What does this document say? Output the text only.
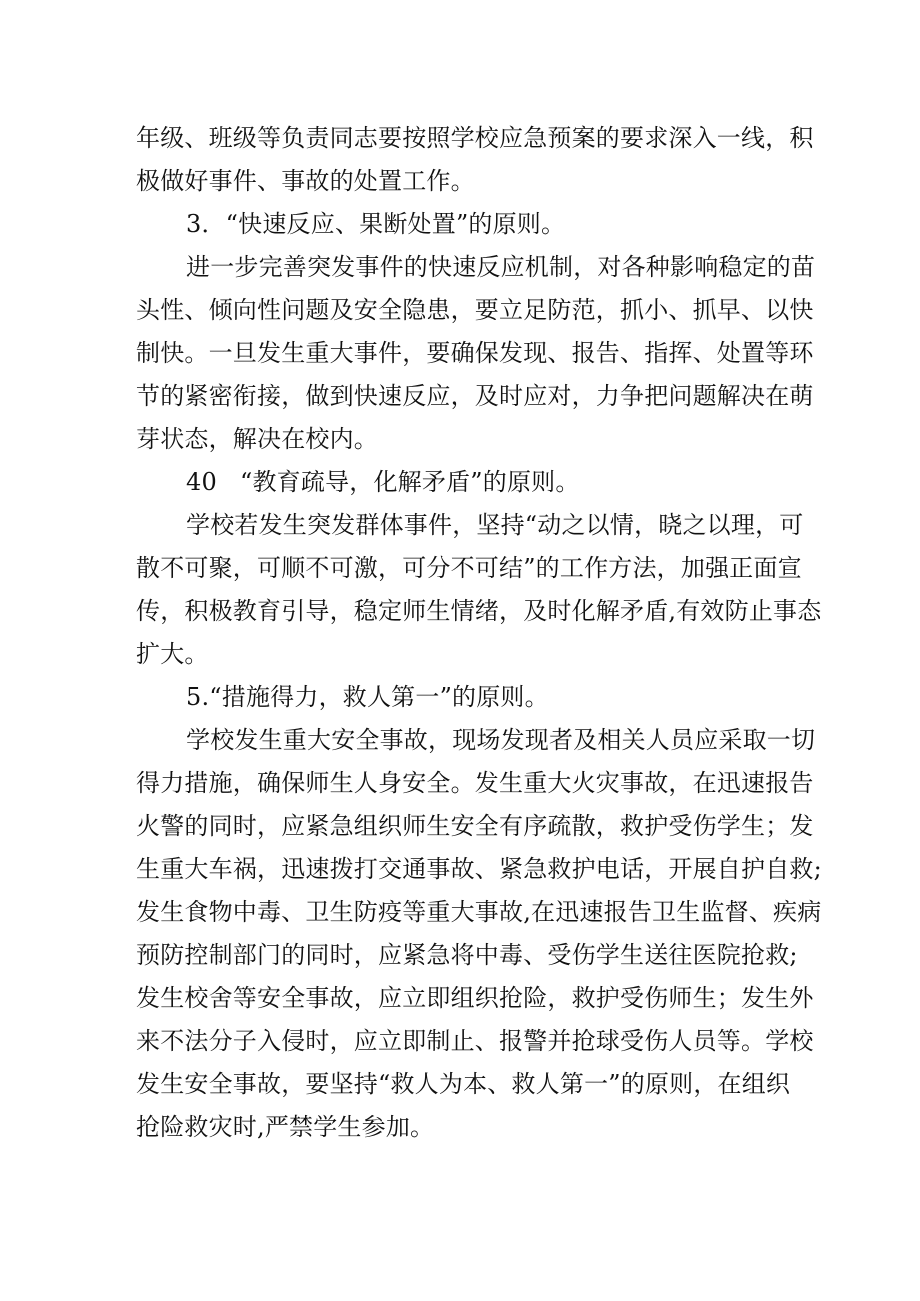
年级、班级等负责同志要按照学校应急预案的要求深入一线，积
极做好事件、事故的处置工作。
3．“快速反应、果断处置”的原则。
进一步完善突发事件的快速反应机制，对各种影响稳定的苗
头性、倾向性问题及安全隐患，要立足防范，抓小、抓早、以快
制快。一旦发生重大事件，要确保发现、报告、指挥、处置等环
节的紧密衔接，做到快速反应，及时应对，力争把问题解决在萌
芽状态，解决在校内。
40 “教育疏导，化解矛盾”的原则。
学校若发生突发群体事件，坚持“动之以情，晓之以理，可
散不可聚，可顺不可激，可分不可结”的工作方法，加强正面宣
传，积极教育引导，稳定师生情绪，及时化解矛盾,有效防止事态
扩大。
5.“措施得力，救人第一”的原则。
学校发生重大安全事故，现场发现者及相关人员应采取一切
得力措施，确保师生人身安全。发生重大火灾事故，在迅速报告
火警的同时，应紧急组织师生安全有序疏散，救护受伤学生；发
生重大车祸，迅速拨打交通事故、紧急救护电话，开展自护自救;
发生食物中毒、卫生防疫等重大事故,在迅速报告卫生监督、疾病
预防控制部门的同时，应紧急将中毒、受伤学生送往医院抢救;
发生校舍等安全事故，应立即组织抢险，救护受伤师生；发生外
来不法分子入侵时，应立即制止、报警并抢球受伤人员等。学校
发生安全事故，要坚持“救人为本、救人第一”的原则，在组织
抢险救灾时,严禁学生参加。
